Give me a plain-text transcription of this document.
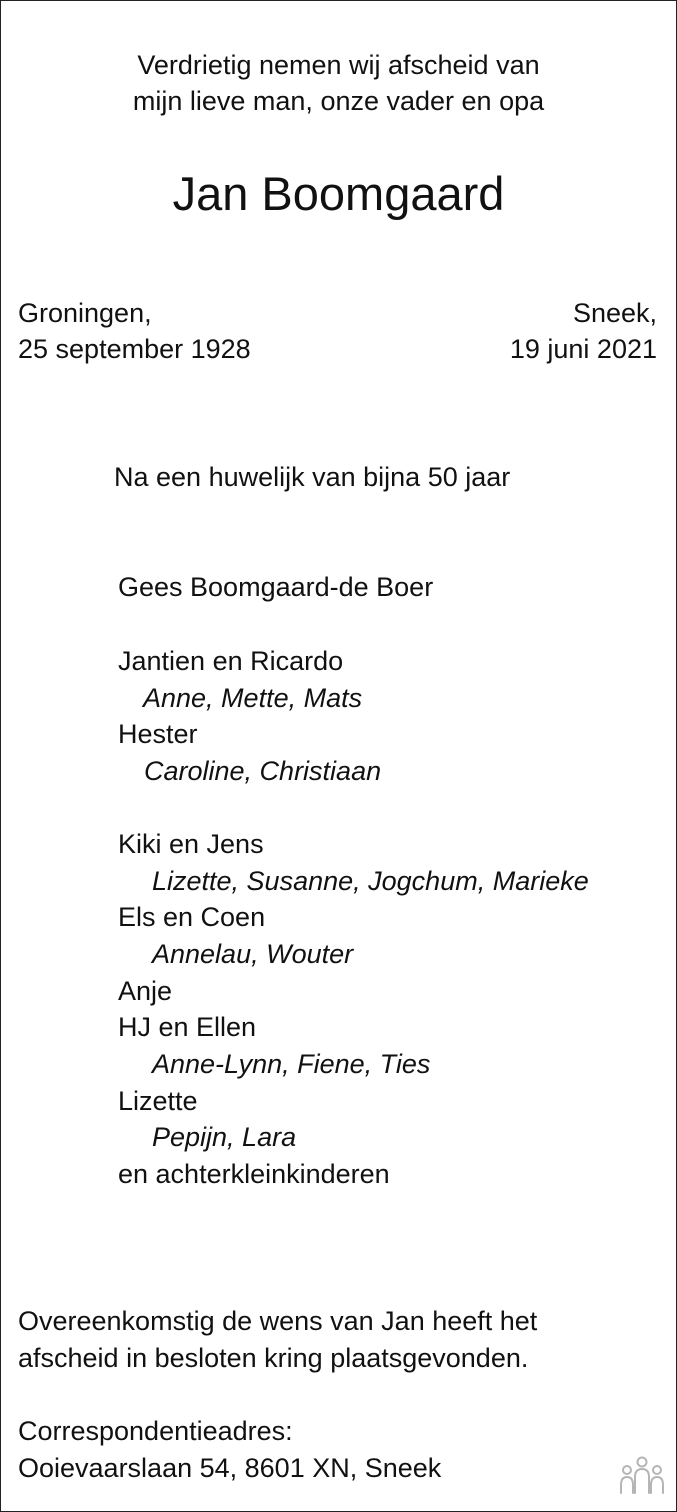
Verdrietig nemen wij afscheid van
mijn lieve man, onze vader en opa
Jan Boomgaard
Groningen,
25 september 1928
Sneek,
19 juni 2021
Na een huwelijk van bijna 50 jaar
Gees Boomgaard-de Boer
Jantien en Ricardo
Anne, Mette, Mats
Hester
Caroline, Christiaan
Kiki en Jens
Lizette, Susanne, Jogchum, Marieke
Els en Coen
Annelau, Wouter
Anje
HJ en Ellen
Anne-Lynn, Fiene, Ties
Lizette
Pepijn, Lara
en achterkleinkinderen
Overeenkomstig de wens van Jan heeft het
afscheid in besloten kring plaatsgevonden.
Correspondentieadres:
Ooievaarslaan 54, 8601 XN, Sneek
